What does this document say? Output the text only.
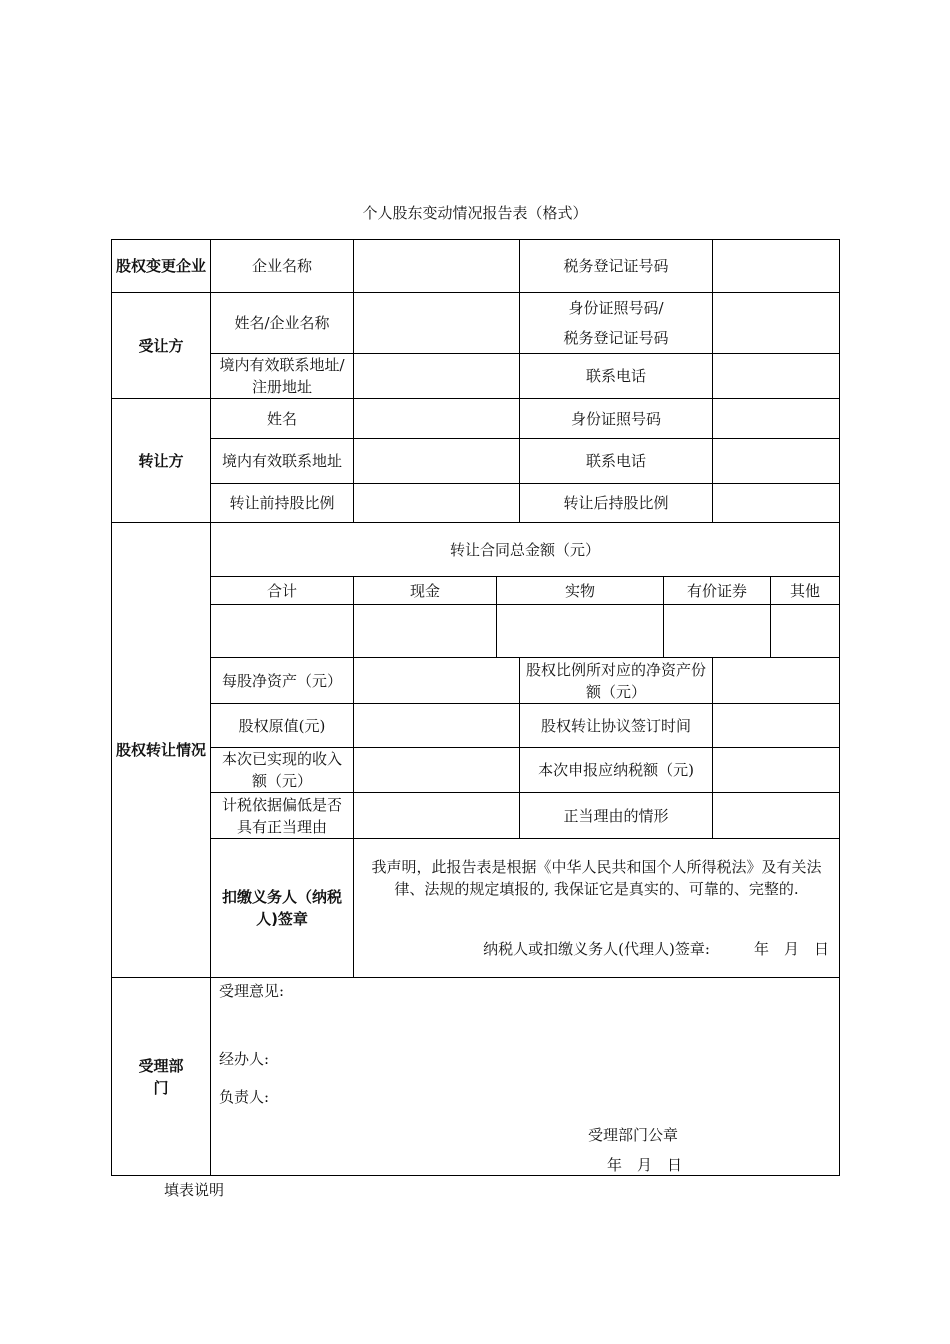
个人股东变动情况报告表（格式）
股权变更企业	企业名称			税务登记证号码			
受让方	姓名/企业名称			身份证照号码/
税务登记证号码			

	境内有效联系地址/注册地址			联系电话			
转让方	姓名			身份证照号码			
	境内有效联系地址			联系电话			
	转让前持股比例			转让后持股比例			
股权转让情况	转让合同总金额（元）						
	合计	现金	实物		有价证券		其他

	每股净资产（元）			股权比例所对应的净资产份额（元）			
	股权原值(元)			股权转让协议签订时间			
	本次已实现的收入额（元）			本次申报应纳税额（元)			
	计税依据偏低是否具有正当理由			正当理由的情形			
	扣缴义务人（纳税人)签章	我声明，此报告表是根据《中华人民共和国个人所得税法》及有关法律、法规的规定填报的, 我保证它是真实的、可靠的、完整的.
纳税人或扣缴义务人(代理人)签章: 年　月　日					

受理部门	受理意见:
经办人:
负责人:
受理部门公章
年　月　日						
填表说明
